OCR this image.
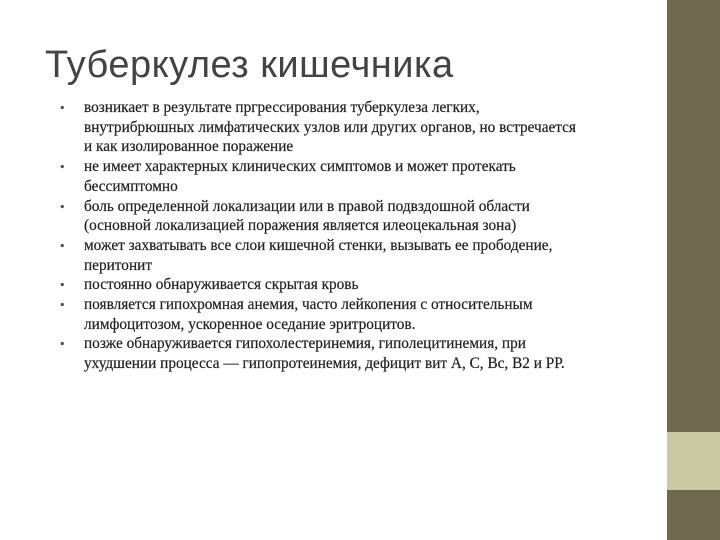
Туберкулез кишечника
• возникает в результате пргрессирования туберкулеза легких, внутрибрюшных лимфатических узлов или других органов, но встречается и как изолированное поражение
• не имеет характерных клинических симптомов и может протекать бессимптомно
• боль определенной локализации или в правой подвздошной области (основной локализацией поражения является илеоцекальная зона)
• может захватывать все слои кишечной стенки, вызывать ее прободение, перитонит
• постоянно обнаруживается скрытая кровь
• появляется гипохромная анемия, часто лейкопения с относительным лимфоцитозом, ускоренное оседание эритроцитов.
• позже обнаруживается гипохолестеринемия, гиполецитинемия, при ухудшении процесса — гипопротеинемия, дефицит вит А, С, Вс, В2 и РР.
